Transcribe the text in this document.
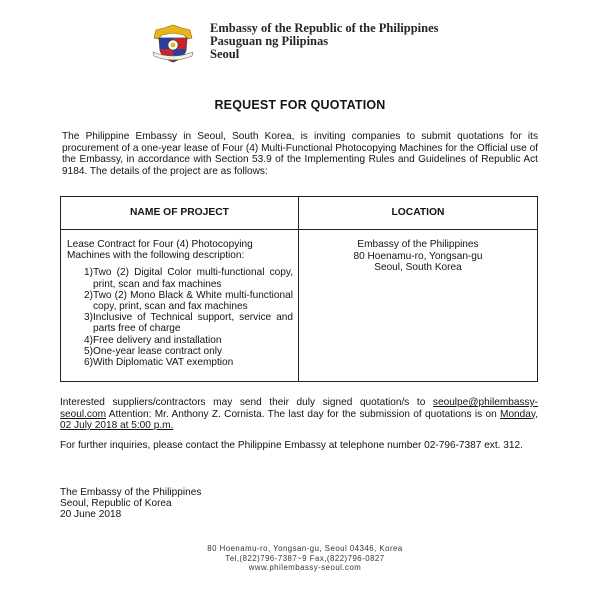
Embassy of the Republic of the Philippines
Pasuguan ng Pilipinas
Seoul
REQUEST FOR QUOTATION
The Philippine Embassy in Seoul, South Korea, is inviting companies to submit quotations for its procurement of a one-year lease of Four (4) Multi-Functional Photocopying Machines for the Official use of the Embassy, in accordance with Section 53.9 of the Implementing Rules and Guidelines of Republic Act 9184. The details of the project are as follows:
NAME OF PROJECT	LOCATION
Lease Contract for Four (4) Photocopying Machines with the following description:
1 ) Two (2) Digital Color multi-functional copy, print, scan and fax machines
2 ) Two (2) Mono Black & White multi-functional copy, print, scan and fax machines
3 ) Inclusive of Technical support, service and parts free of charge
4 ) Free delivery and installation
5 ) One-year lease contract only
6 ) With Diplomatic VAT exemption
Embassy of the Philippines
80 Hoenamu-ro, Yongsan-gu
Seoul, South Korea
Interested suppliers/contractors may send their duly signed quotation/s to seoulpe@philembassy-seoul.com Attention: Mr. Anthony Z. Cornista. The last day for the submission of quotations is on Monday, 02 July 2018 at 5:00 p.m.
For further inquiries, please contact the Philippine Embassy at telephone number 02-796-7387 ext. 312.
The Embassy of the Philippines
Seoul, Republic of Korea
20 June 2018
80 Hoenamu-ro, Yongsan-gu, Seoul 04346, Korea
Tel,(822)796-7387~9 Fax,(822)796-0827
www.philembassy-seoul.com
